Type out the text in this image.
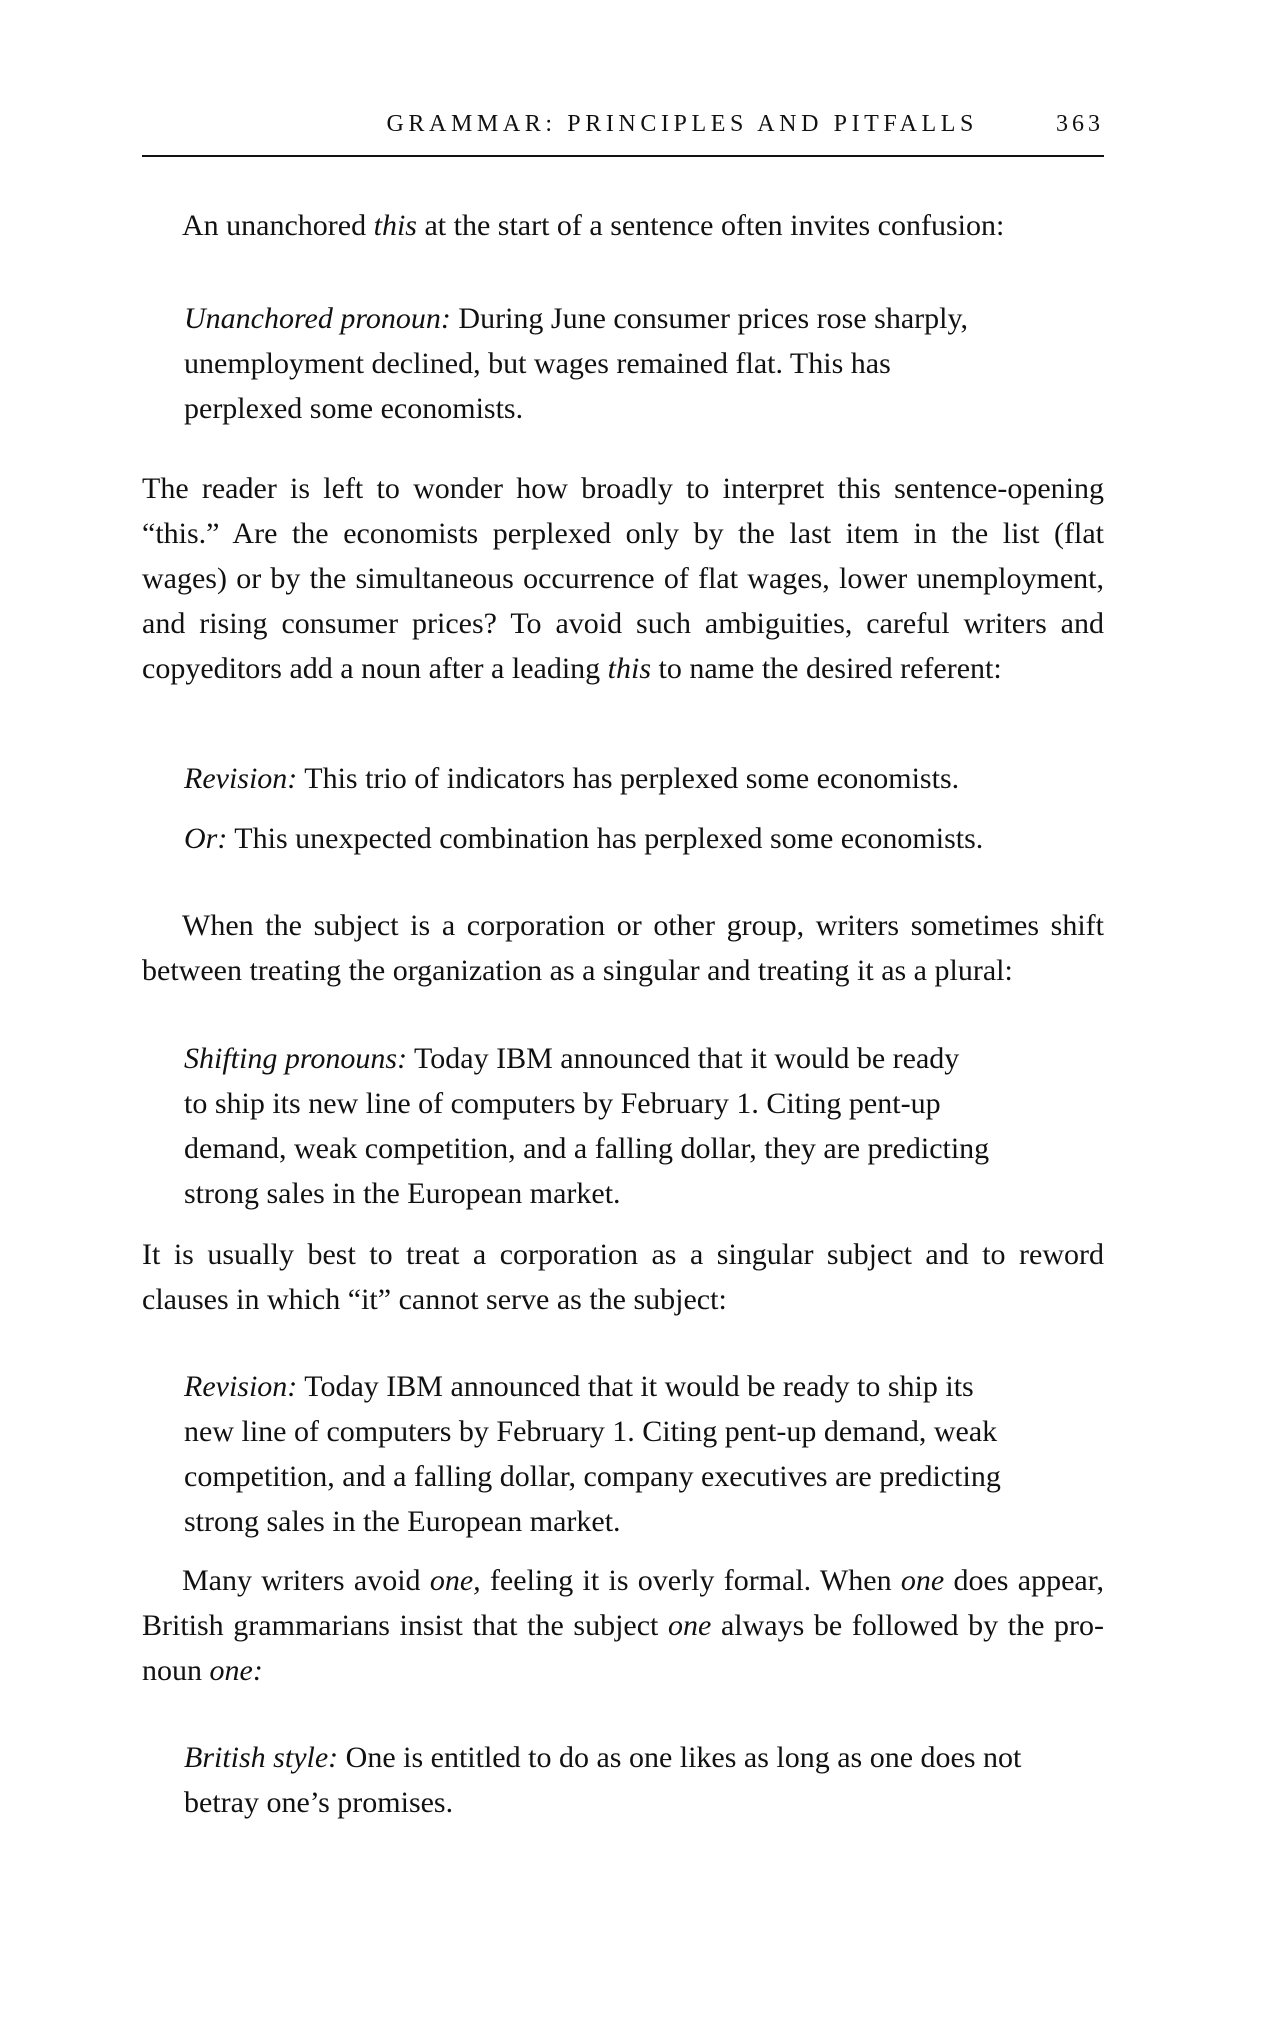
GRAMMAR: PRINCIPLES AND PITFALLS	363

An unanchored this at the start of a sentence often invites confusion:

Unanchored pronoun: During June consumer prices rose sharply,
unemployment declined, but wages remained flat. This has
perplexed some economists.

The reader is left to wonder how broadly to interpret this sentence-opening “this.” Are the economists perplexed only by the last item in the list (flat wages) or by the simultaneous occurrence of flat wages, lower unemployment, and rising consumer prices? To avoid such ambiguities, careful writers and copyeditors add a noun after a leading this to name the desired referent:

Revision: This trio of indicators has perplexed some economists.
Or: This unexpected combination has perplexed some economists.

When the subject is a corporation or other group, writers sometimes shift between treating the organization as a singular and treating it as a plural:

Shifting pronouns: Today IBM announced that it would be ready
to ship its new line of computers by February 1. Citing pent-up
demand, weak competition, and a falling dollar, they are predicting
strong sales in the European market.

It is usually best to treat a corporation as a singular subject and to reword clauses in which “it” cannot serve as the subject:

Revision: Today IBM announced that it would be ready to ship its
new line of computers by February 1. Citing pent-up demand, weak
competition, and a falling dollar, company executives are predicting
strong sales in the European market.

Many writers avoid one, feeling it is overly formal. When one does appear, British grammarians insist that the subject one always be followed by the pronoun one:

British style: One is entitled to do as one likes as long as one does not
betray one’s promises.
